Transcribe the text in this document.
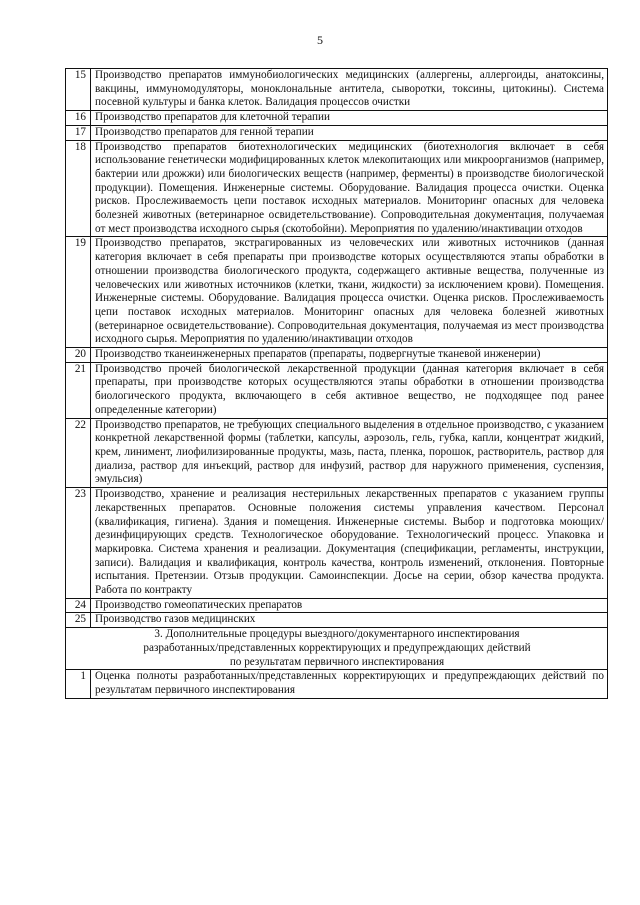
5
15	Производство препаратов иммунобиологических медицинских (аллергены, аллергоиды, анатоксины, вакцины, иммуномодуляторы, моноклональные антитела, сыворотки, токсины, цитокины). Система посевной культуры и банка клеток. Валидация процессов очистки
16	Производство препаратов для клеточной терапии
17	Производство препаратов для генной терапии
18	Производство препаратов биотехнологических медицинских (биотехнология включает в себя использование генетически модифицированных клеток млекопитающих или микроорганизмов (например, бактерии или дрожжи) или биологических веществ (например, ферменты) в производстве биологической продукции). Помещения. Инженерные системы. Оборудование. Валидация процесса очистки. Оценка рисков. Прослеживаемость цепи поставок исходных материалов. Мониторинг опасных для человека болезней животных (ветеринарное освидетельствование). Сопроводительная документация, получаемая от мест производства исходного сырья (скотобойни). Мероприятия по удалению/инактивации отходов
19	Производство препаратов, экстрагированных из человеческих или животных источников (данная категория включает в себя препараты при производстве которых осуществляются этапы обработки в отношении производства биологического продукта, содержащего активные вещества, полученные из человеческих или животных источников (клетки, ткани, жидкости) за исключением крови). Помещения. Инженерные системы. Оборудование. Валидация процесса очистки. Оценка рисков. Прослеживаемость цепи поставок исходных материалов. Мониторинг опасных для человека болезней животных (ветеринарное освидетельствование). Сопроводительная документация, получаемая из мест производства исходного сырья. Мероприятия по удалению/инактивации отходов
20	Производство тканеинженерных препаратов (препараты, подвергнутые тканевой инженерии)
21	Производство прочей биологической лекарственной продукции (данная категория включает в себя препараты, при производстве которых осуществляются этапы обработки в отношении производства биологического продукта, включающего в себя активное вещество, не подходящее под ранее определенные категории)
22	Производство препаратов, не требующих специального выделения в отдельное производство, с указанием конкретной лекарственной формы (таблетки, капсулы, аэрозоль, гель, губка, капли, концентрат жидкий, крем, линимент, лиофилизированные продукты, мазь, паста, пленка, порошок, растворитель, раствор для диализа, раствор для инъекций, раствор для инфузий, раствор для наружного применения, суспензия, эмульсия)
23	Производство, хранение и реализация нестерильных лекарственных препаратов с указанием группы лекарственных препаратов. Основные положения системы управления качеством. Персонал (квалификация, гигиена). Здания и помещения. Инженерные системы. Выбор и подготовка моющих/дезинфицирующих средств. Технологическое оборудование. Технологический процесс. Упаковка и маркировка. Система хранения и реализации. Документация (спецификации, регламенты, инструкции, записи). Валидация и квалификация, контроль качества, контроль изменений, отклонения. Повторные испытания. Претензии. Отзыв продукции. Самоинспекции. Досье на серии, обзор качества продукта. Работа по контракту
24	Производство гомеопатических препаратов
25	Производство газов медицинских

3. Дополнительные процедуры выездного/документарного инспектирования
разработанных/представленных корректирующих и предупреждающих действий
по результатам первичного инспектирования	

1	Оценка полноты разработанных/представленных корректирующих и предупреждающих действий по результатам первичного инспектирования
